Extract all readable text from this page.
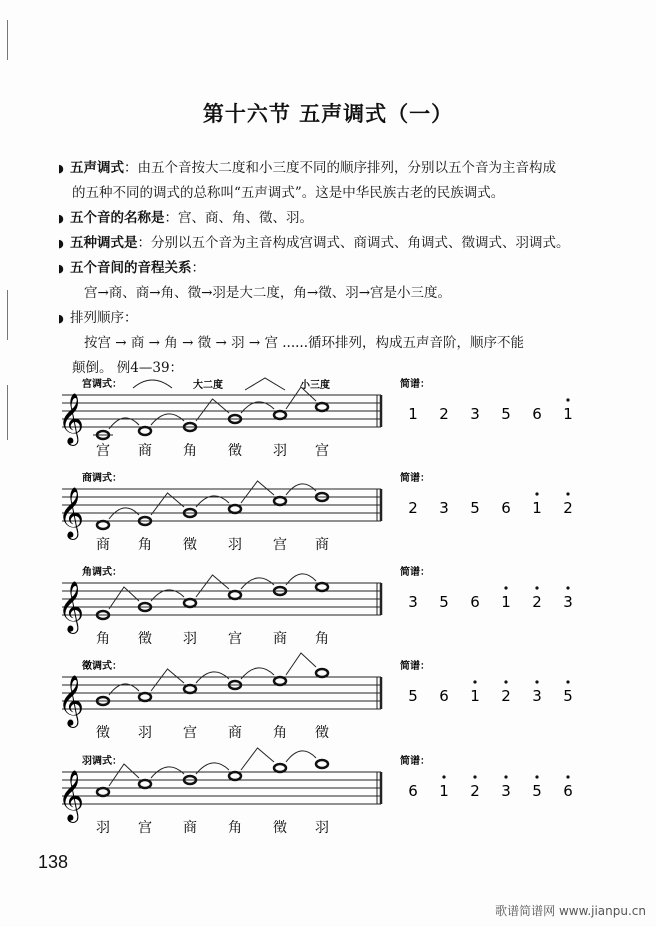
第十六节 五声调式（一）
◗ 五声调式：由五个音按大二度和小三度不同的顺序排列，分别以五个音为主音构成
的五种不同的调式的总称叫“五声调式”。这是中华民族古老的民族调式。
◗ 五个音的名称是：宫、商、角、徵、羽。
◗ 五种调式是：分别以五个音为主音构成宫调式、商调式、角调式、徵调式、羽调式。
◗ 五个音间的音程关系：
宫→商、商→角、徵→羽是大二度，角→徵、羽→宫是小三度。
◗ 排列顺序：
按宫 → 商 → 角 → 徵 → 羽 → 宫 ......循环排列，构成五声音阶，顺序不能
颠倒。 例4—39：
大二度	小三度
宫调式：
𝄞
宫 商 角 徵 羽 宫
简谱：
1 2 3 5 6 1
商调式：
𝄞
商 角 徵 羽 宫 商
简谱：
2 3 5 6 1 2
角调式：
𝄞
角 徵 羽 宫 商 角
简谱：
3 5 6 1 2 3
徵调式：
𝄞
徵 羽 宫 商 角 徵
简谱：
5 6 1 2 3 5
羽调式：
𝄞
羽 宫 商 角 徵 羽
简谱：
6 1 2 3 5 6
138
歌谱简谱网 www.jianpu.cn
